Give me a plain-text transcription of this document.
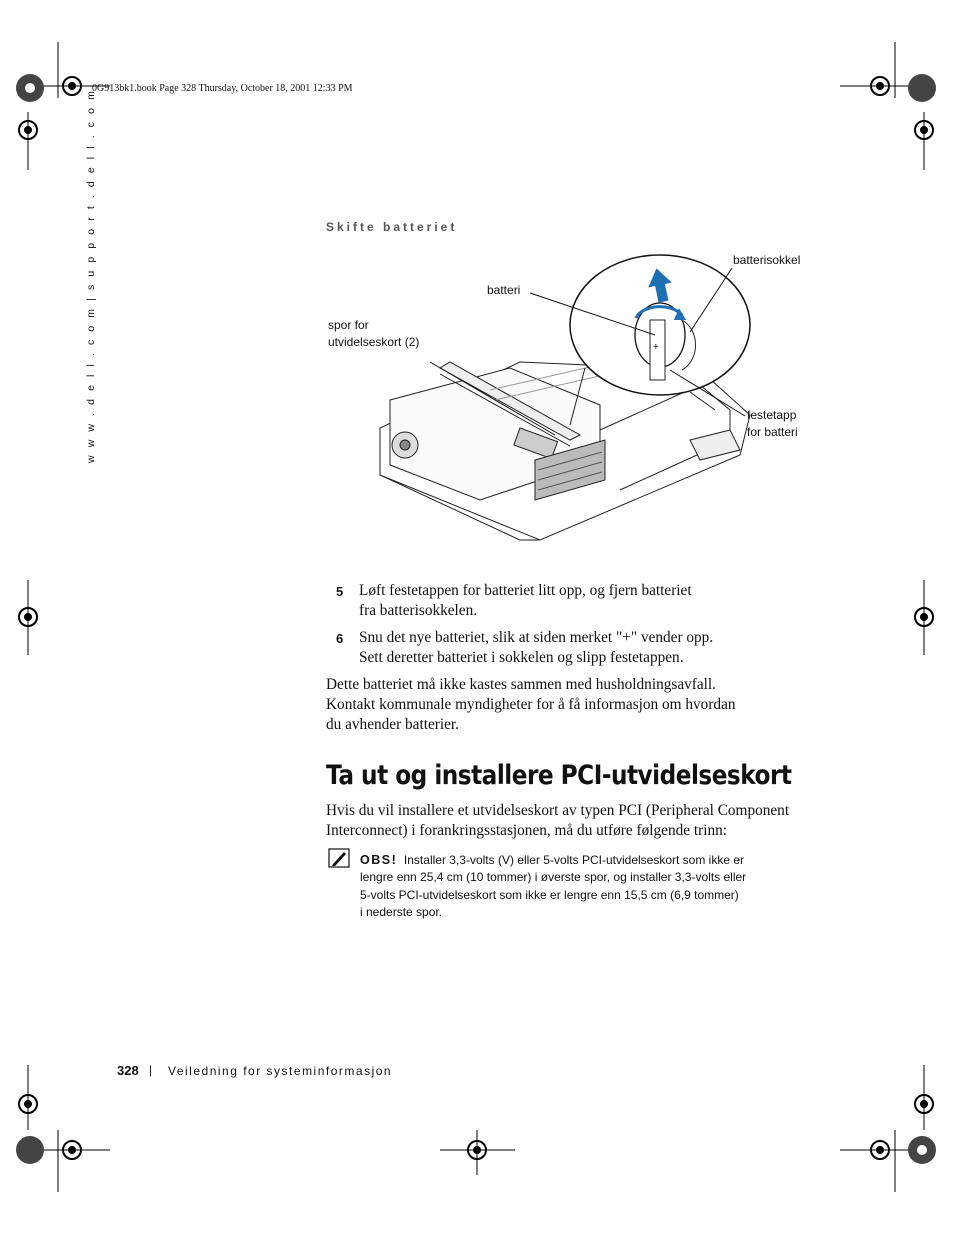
0G913bk1.book Page 328 Thursday, October 18, 2001 12:33 PM
w w w . d e l l . c o m | s u p p o r t . d e l l . c o m	Skifte batteriet
+
batterisokkel
batteri
spor for
utvidelseskort (2)
festetapp
for batteri
5 Løft festetappen for batteriet litt opp, og fjern batteriet
fra batterisokkelen.
6 Snu det nye batteriet, slik at siden merket "+" vender opp.
Sett deretter batteriet i sokkelen og slipp festetappen.
Dette batteriet må ikke kastes sammen med husholdningsavfall.
Kontakt kommunale myndigheter for å få informasjon om hvordan
du avhender batterier.
Ta ut og installere PCI-utvidelseskort
Hvis du vil installere et utvidelseskort av typen PCI (Peripheral Component
Interconnect) i forankringsstasjonen, må du utføre følgende trinn:
OBS! Installer 3,3-volts (V) eller 5-volts PCI-utvidelseskort som ikke er
lengre enn 25,4 cm (10 tommer) i øverste spor, og installer 3,3-volts eller
5-volts PCI-utvidelseskort som ikke er lengre enn 15,5 cm (6,9 tommer)
i nederste spor.
328 | Veiledning for systeminformasjon
